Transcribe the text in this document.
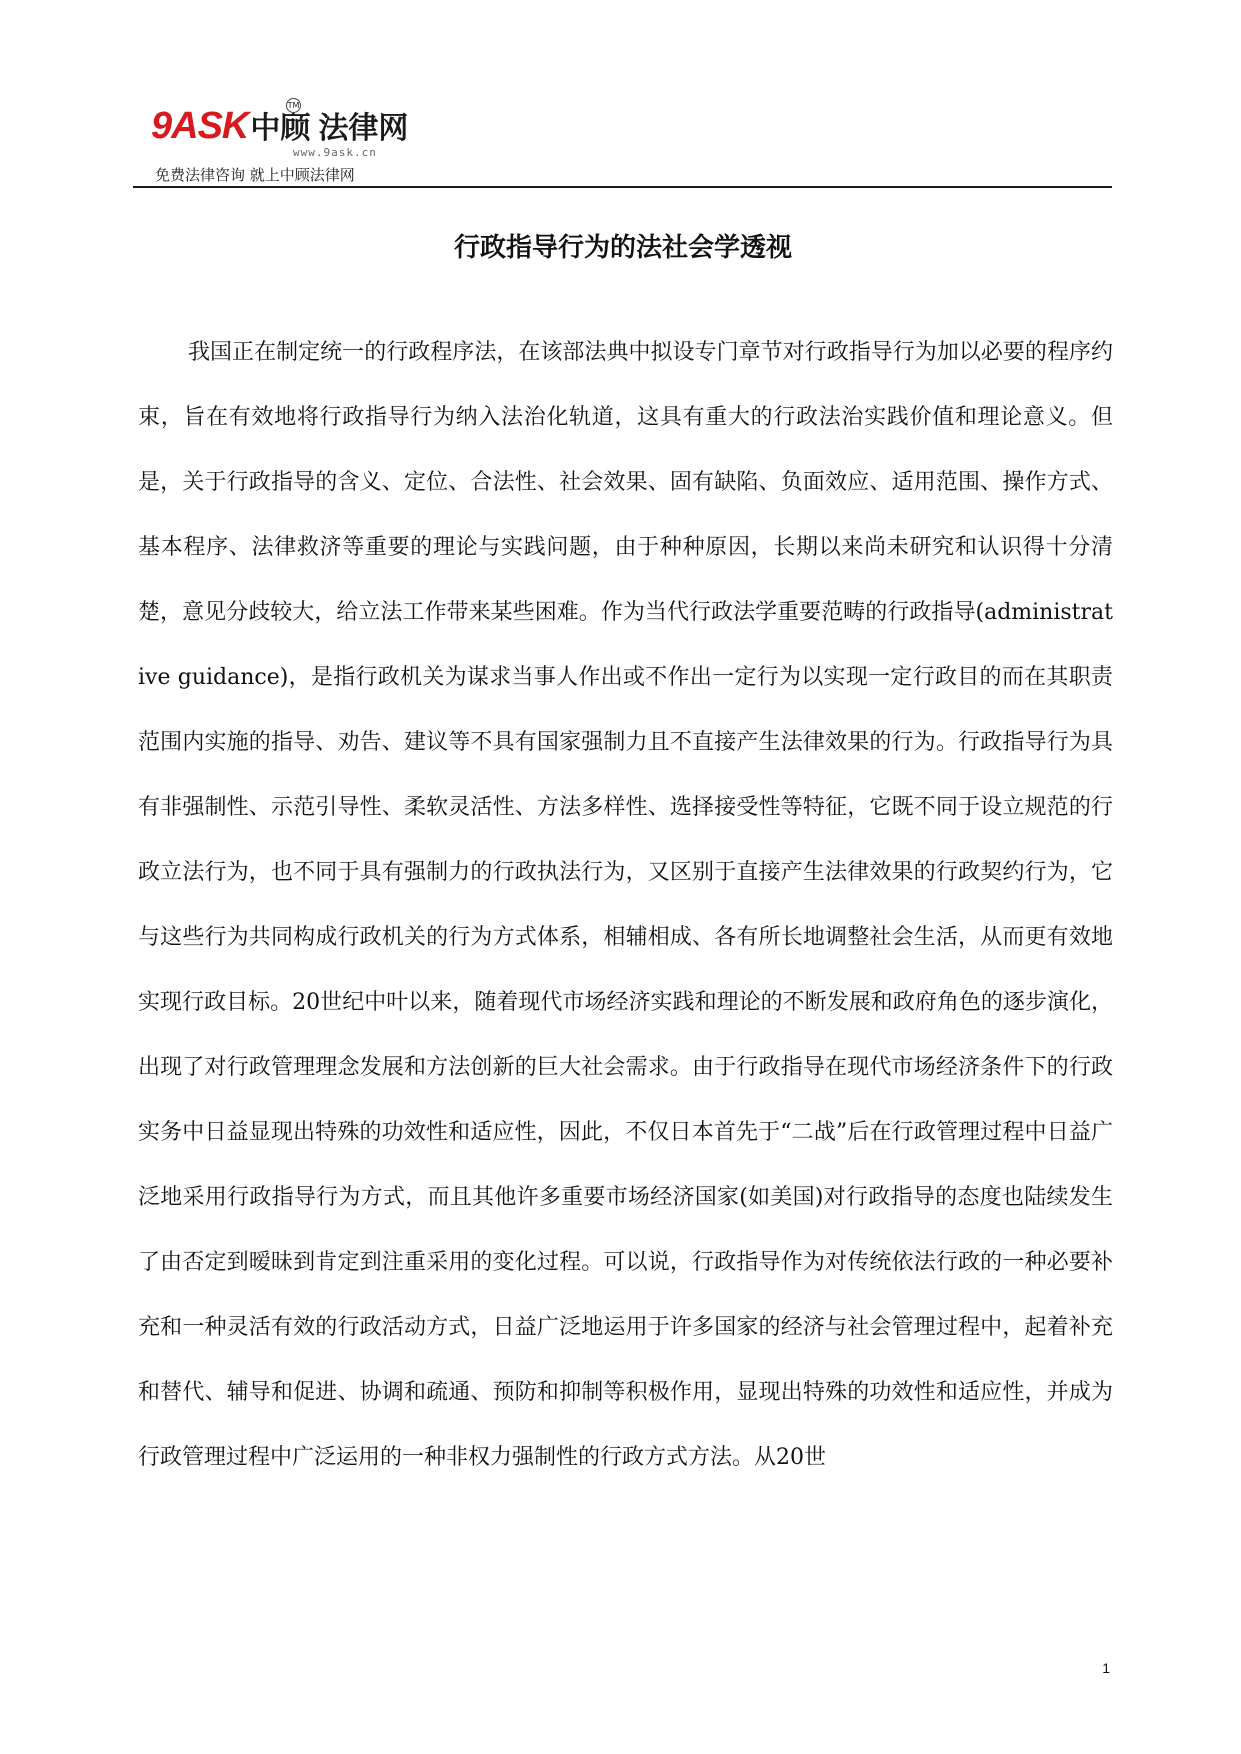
9ASK中顾 法律网
TM
www.9ask.cn
免费法律咨询 就上中顾法律网
行政指导行为的法社会学透视

我国正在制定统一的行政程序法，在该部法典中拟设专门章节对行政指导行为加以必要的程序约束，旨在有效地将行政指导行为纳入法治化轨道，这具有重大的行政法治实践价值和理论意义。但是，关于行政指导的含义、定位、合法性、社会效果、固有缺陷、负面效应、适用范围、操作方式、基本程序、法律救济等重要的理论与实践问题，由于种种原因，长期以来尚未研究和认识得十分清楚，意见分歧较大，给立法工作带来某些困难。作为当代行政法学重要范畴的行政指导(administrative guidance)，是指行政机关为谋求当事人作出或不作出一定行为以实现一定行政目的而在其职责范围内实施的指导、劝告、建议等不具有国家强制力且不直接产生法律效果的行为。行政指导行为具有非强制性、示范引导性、柔软灵活性、方法多样性、选择接受性等特征，它既不同于设立规范的行政立法行为，也不同于具有强制力的行政执法行为，又区别于直接产生法律效果的行政契约行为，它与这些行为共同构成行政机关的行为方式体系，相辅相成、各有所长地调整社会生活，从而更有效地实现行政目标。20世纪中叶以来，随着现代市场经济实践和理论的不断发展和政府角色的逐步演化，出现了对行政管理理念发展和方法创新的巨大社会需求。由于行政指导在现代市场经济条件下的行政实务中日益显现出特殊的功效性和适应性，因此，不仅日本首先于“二战”后在行政管理过程中日益广泛地采用行政指导行为方式，而且其他许多重要市场经济国家(如美国)对行政指导的态度也陆续发生了由否定到暧昧到肯定到注重采用的变化过程。可以说，行政指导作为对传统依法行政的一种必要补充和一种灵活有效的行政活动方式，日益广泛地运用于许多国家的经济与社会管理过程中，起着补充和替代、辅导和促进、协调和疏通、预防和抑制等积极作用，显现出特殊的功效性和适应性，并成为行政管理过程中广泛运用的一种非权力强制性的行政方式方法。从20世

1
